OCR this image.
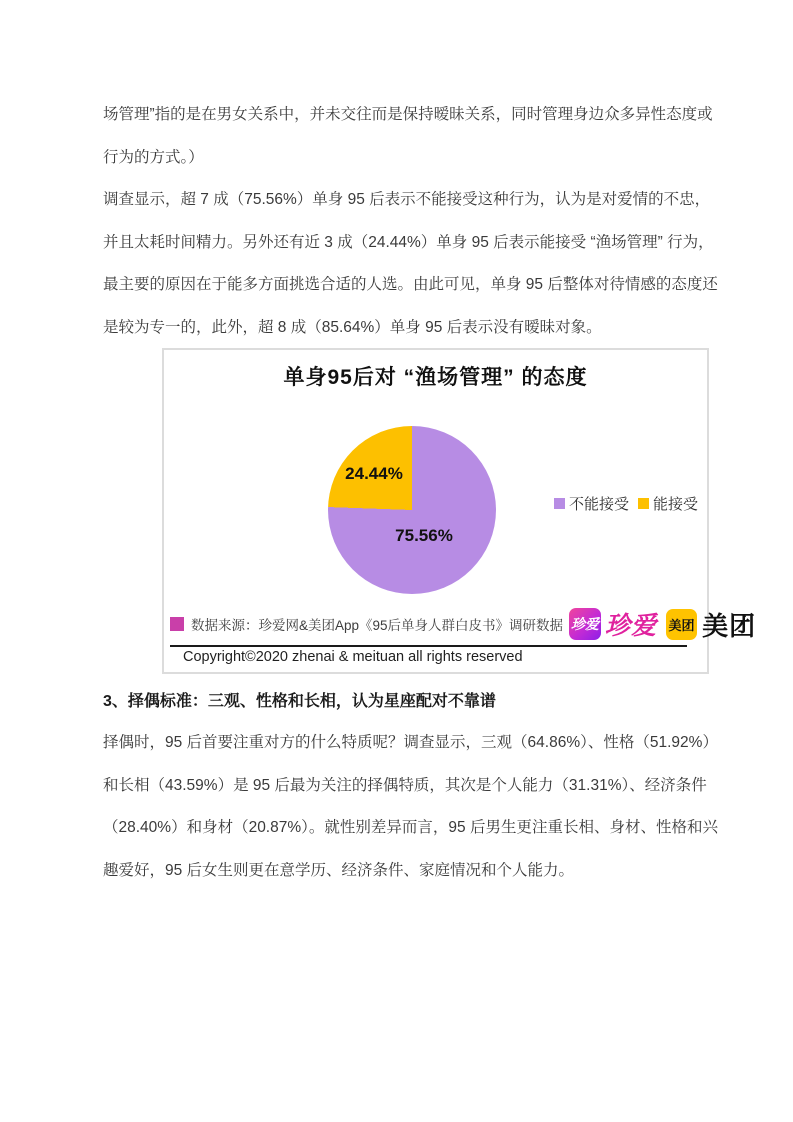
场管理”指的是在男女关系中，并未交往而是保持暧昧关系，同时管理身边众多异性态度或
行为的方式。）
调查显示，超 7 成（75.56%）单身 95 后表示不能接受这种行为，认为是对爱情的不忠，
并且太耗时间精力。另外还有近 3 成（24.44%）单身 95 后表示能接受 “渔场管理” 行为，
最主要的原因在于能多方面挑选合适的人选。由此可见，单身 95 后整体对待情感的态度还
是较为专一的，此外，超 8 成（85.64%）单身 95 后表示没有暧昧对象。
单身95后对 “渔场管理” 的态度
24.44%
75.56%
不能接受 能接受
数据来源：珍爱网&美团App《95后单身人群白皮书》调研数据 珍爱 珍爱 美团 美团
Copyright©2020 zhenai & meituan all rights reserved
3、择偶标准：三观、性格和长相，认为星座配对不靠谱
择偶时，95 后首要注重对方的什么特质呢？调查显示，三观（64.86%）、性格（51.92%）
和长相（43.59%）是 95 后最为关注的择偶特质，其次是个人能力（31.31%）、经济条件
（28.40%）和身材（20.87%）。就性别差异而言，95 后男生更注重长相、身材、性格和兴
趣爱好，95 后女生则更在意学历、经济条件、家庭情况和个人能力。
